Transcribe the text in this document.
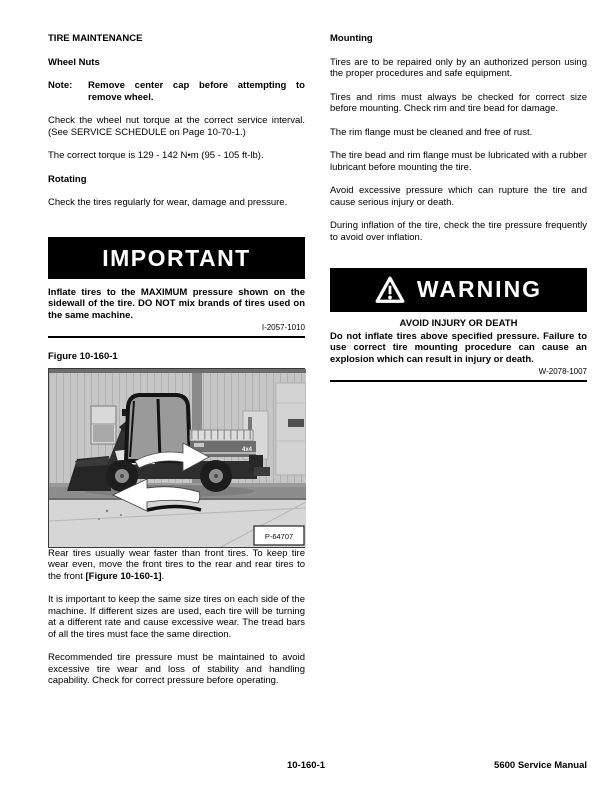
TIRE MAINTENANCE
Wheel Nuts
Note:	Remove center cap before attempting to remove wheel.

Check the wheel nut torque at the correct service interval. (See SERVICE SCHEDULE on Page 10-70-1.)

The correct torque is 129 - 142 N•m (95 - 105 ft-lb).

Rotating

Check the tires regularly for wear, damage and pressure.

IMPORTANT

Inflate tires to the MAXIMUM pressure shown on the sidewall of the tire. DO NOT mix brands of tires used on the same machine.

I-2057-1010
Figure 10-160-1
4x4
P-64707

Rear tires usually wear faster than front tires. To keep tire wear even, move the front tires to the rear and rear tires to the front [Figure 10-160-1].

It is important to keep the same size tires on each side of the machine. If different sizes are used, each tire will be turning at a different rate and cause excessive wear. The tread bars of all the tires must face the same direction.

Recommended tire pressure must be maintained to avoid excessive tire wear and loss of stability and handling capability. Check for correct pressure before operating.

Mounting

Tires are to be repaired only by an authorized person using the proper procedures and safe equipment.

Tires and rims must always be checked for correct size before mounting. Check rim and tire bead for damage.

The rim flange must be cleaned and free of rust.

The tire bead and rim flange must be lubricated with a rubber lubricant before mounting the tire.

Avoid excessive pressure which can rupture the tire and cause serious injury or death.

During inflation of the tire, check the tire pressure frequently to avoid over inflation.

WARNING
AVOID INJURY OR DEATH

Do not inflate tires above specified pressure. Failure to use correct tire mounting procedure can cause an explosion which can result in injury or death.

W-2078-1007
10-160-1	5600 Service Manual
